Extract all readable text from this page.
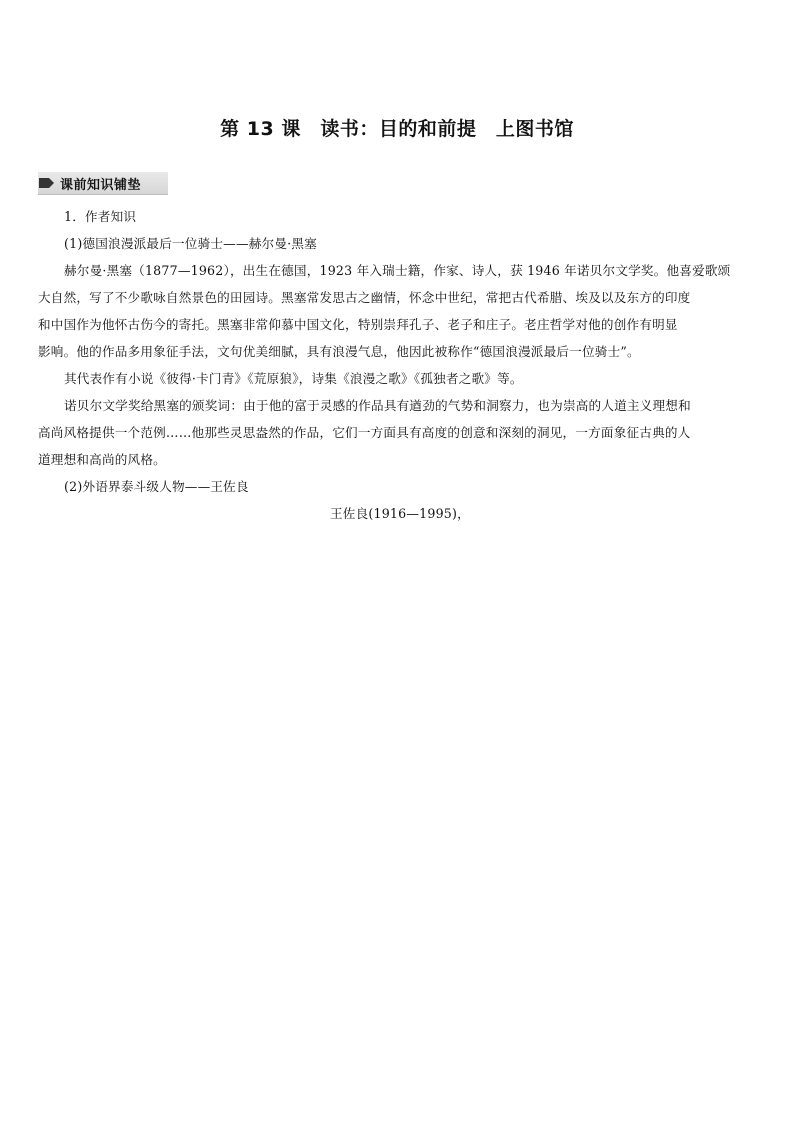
第 13 课　读书：目的和前提　上图书馆
课前知识铺垫
1．作者知识
(1)德国浪漫派最后一位骑士——赫尔曼·黑塞
赫尔曼·黑塞（1877—1962），出生在德国，1923 年入瑞士籍，作家、诗人，获 1946 年诺贝尔文学奖。他喜爱歌颂
大自然，写了不少歌咏自然景色的田园诗。黑塞常发思古之幽情，怀念中世纪，常把古代希腊、埃及以及东方的印度
和中国作为他怀古伤今的寄托。黑塞非常仰慕中国文化，特别崇拜孔子、老子和庄子。老庄哲学对他的创作有明显
影响。他的作品多用象征手法，文句优美细腻，具有浪漫气息，他因此被称作“德国浪漫派最后一位骑士”。
其代表作有小说《彼得·卡门青》《荒原狼》，诗集《浪漫之歌》《孤独者之歌》等。
诺贝尔文学奖给黑塞的颁奖词：由于他的富于灵感的作品具有遒劲的气势和洞察力，也为崇高的人道主义理想和
高尚风格提供一个范例……他那些灵思盎然的作品，它们一方面具有高度的创意和深刻的洞见，一方面象征古典的人
道理想和高尚的风格。
(2)外语界泰斗级人物——王佐良
王佐良(1916—1995)，
